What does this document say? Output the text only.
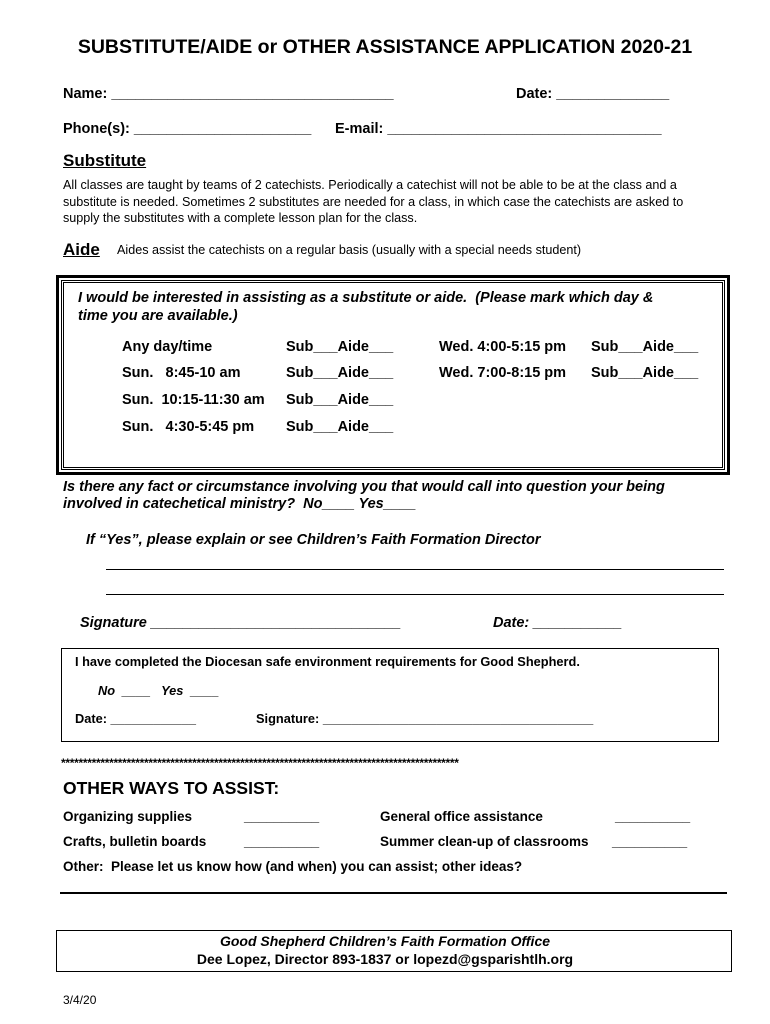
SUBSTITUTE/AIDE or OTHER ASSISTANCE APPLICATION 2020-21
Name: ___________________________________	Date: ______________
Phone(s): ______________________ E-mail: __________________________________
Substitute
All classes are taught by teams of 2 catechists. Periodically a catechist will not be able to be at the class and a substitute is needed. Sometimes 2 substitutes are needed for a class, in which case the catechists are asked to supply the substitutes with a complete lesson plan for the class.
Aide Aides assist the catechists on a regular basis (usually with a special needs student)
I would be interested in assisting as a substitute or aide.  (Please mark which day &
time you are available.)
Any day/time	Sub___Aide___	Wed. 4:00-5:15 pm Sub___Aide___
Sun.   8:45-10 am	Sub___Aide___	Wed. 7:00-8:15 pm Sub___Aide___
Sun.  10:15-11:30 am Sub___Aide___
Sun.   4:30-5:45 pm Sub___Aide___
Is there any fact or circumstance involving you that would call into question your being
involved in catechetical ministry?  No____ Yes____
If “Yes”, please explain or see Children’s Faith Formation Director
Signature _______________________________	Date: ___________
I have completed the Diocesan safe environment requirements for Good Shepherd.
No  ____   Yes  ____
Date: ____________	Signature: ______________________________________
*******************************************************************************************
OTHER WAYS TO ASSIST:
Organizing supplies	__________	General office assistance	__________
Crafts, bulletin boards	__________	Summer clean-up of classrooms __________
Other:  Please let us know how (and when) you can assist; other ideas?
Good Shepherd Children’s Faith Formation Office
Dee Lopez, Director 893-1837 or lopezd@gsparishtlh.org
3/4/20
